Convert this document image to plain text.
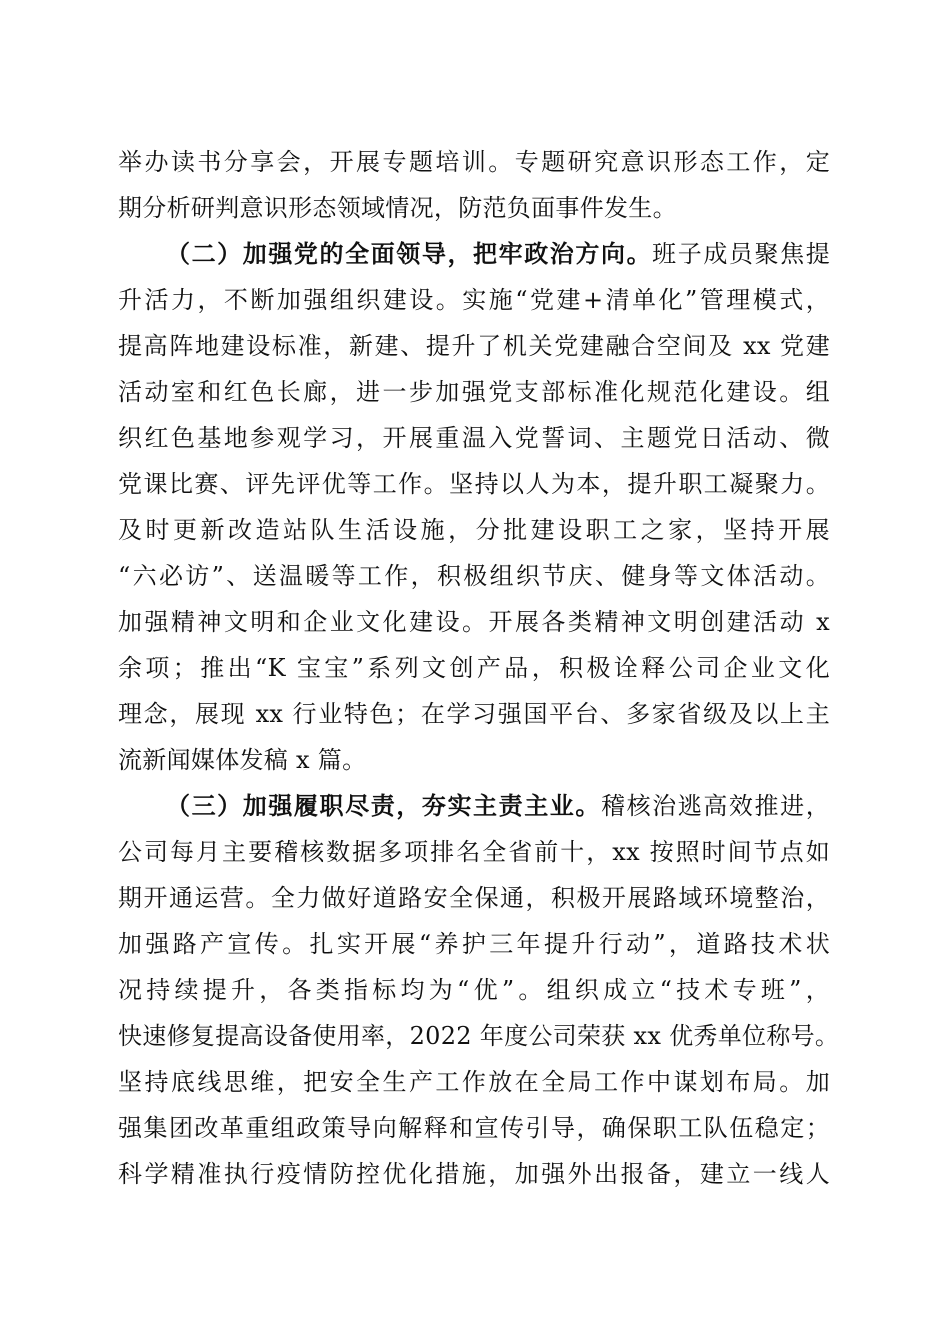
举办读书分享会，开展专题培训。专题研究意识形态工作，定
期分析研判意识形态领域情况，防范负面事件发生。
（二）加强党的全面领导，把牢政治方向。班子成员聚焦提
升活力，不断加强组织建设。实施“党建+清单化”管理模式，
提高阵地建设标准，新建、提升了机关党建融合空间及 xx 党建
活动室和红色长廊，进一步加强党支部标准化规范化建设。组
织红色基地参观学习，开展重温入党誓词、主题党日活动、微
党课比赛、评先评优等工作。坚持以人为本，提升职工凝聚力。
及时更新改造站队生活设施，分批建设职工之家，坚持开展
“六必访”、送温暖等工作，积极组织节庆、健身等文体活动。
加强精神文明和企业文化建设。开展各类精神文明创建活动 x
余项；推出“K 宝宝”系列文创产品，积极诠释公司企业文化
理念，展现 xx 行业特色；在学习强国平台、多家省级及以上主
流新闻媒体发稿 x 篇。
（三）加强履职尽责，夯实主责主业。稽核治逃高效推进，
公司每月主要稽核数据多项排名全省前十，xx 按照时间节点如
期开通运营。全力做好道路安全保通，积极开展路域环境整治，
加强路产宣传。扎实开展“养护三年提升行动”，道路技术状
况持续提升，各类指标均为“优”。组织成立“技术专班”，
快速修复提高设备使用率，2022 年度公司荣获 xx 优秀单位称号。
坚持底线思维，把安全生产工作放在全局工作中谋划布局。加
强集团改革重组政策导向解释和宣传引导，确保职工队伍稳定；
科学精准执行疫情防控优化措施，加强外出报备，建立一线人
